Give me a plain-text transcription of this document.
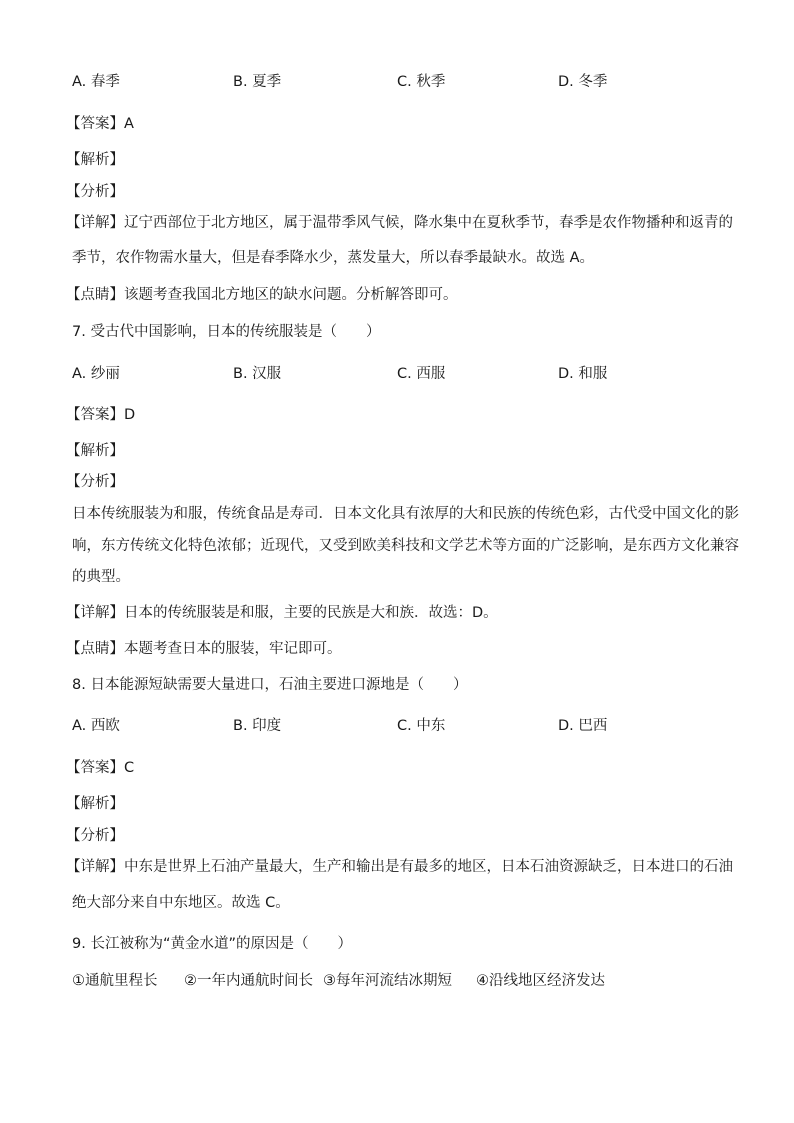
A. 春季	B. 夏季	C. 秋季	D. 冬季
【答案】A
【解析】
【分析】
【详解】辽宁西部位于北方地区，属于温带季风气候，降水集中在夏秋季节，春季是农作物播种和返青的
季节，农作物需水量大，但是春季降水少，蒸发量大，所以春季最缺水。故选 A。
【点睛】该题考查我国北方地区的缺水问题。分析解答即可。
7. 受古代中国影响，日本的传统服装是（　　）
A. 纱丽	B. 汉服	C. 西服	D. 和服
【答案】D
【解析】
【分析】
日本传统服装为和服，传统食品是寿司．日本文化具有浓厚的大和民族的传统色彩，古代受中国文化的影
响，东方传统文化特色浓郁；近现代，又受到欧美科技和文学艺术等方面的广泛影响，是东西方文化兼容
的典型。
【详解】日本的传统服装是和服，主要的民族是大和族．故选：D。
【点睛】本题考查日本的服装，牢记即可。
8. 日本能源短缺需要大量进口，石油主要进口源地是（　　）
A. 西欧	B. 印度	C. 中东	D. 巴西
【答案】C
【解析】
【分析】
【详解】中东是世界上石油产量最大，生产和输出是有最多的地区，日本石油资源缺乏，日本进口的石油
绝大部分来自中东地区。故选 C。
9. 长江被称为“黄金水道”的原因是（　　）
①通航里程长 ②一年内通航时间长 ③每年河流结冰期短 ④沿线地区经济发达
